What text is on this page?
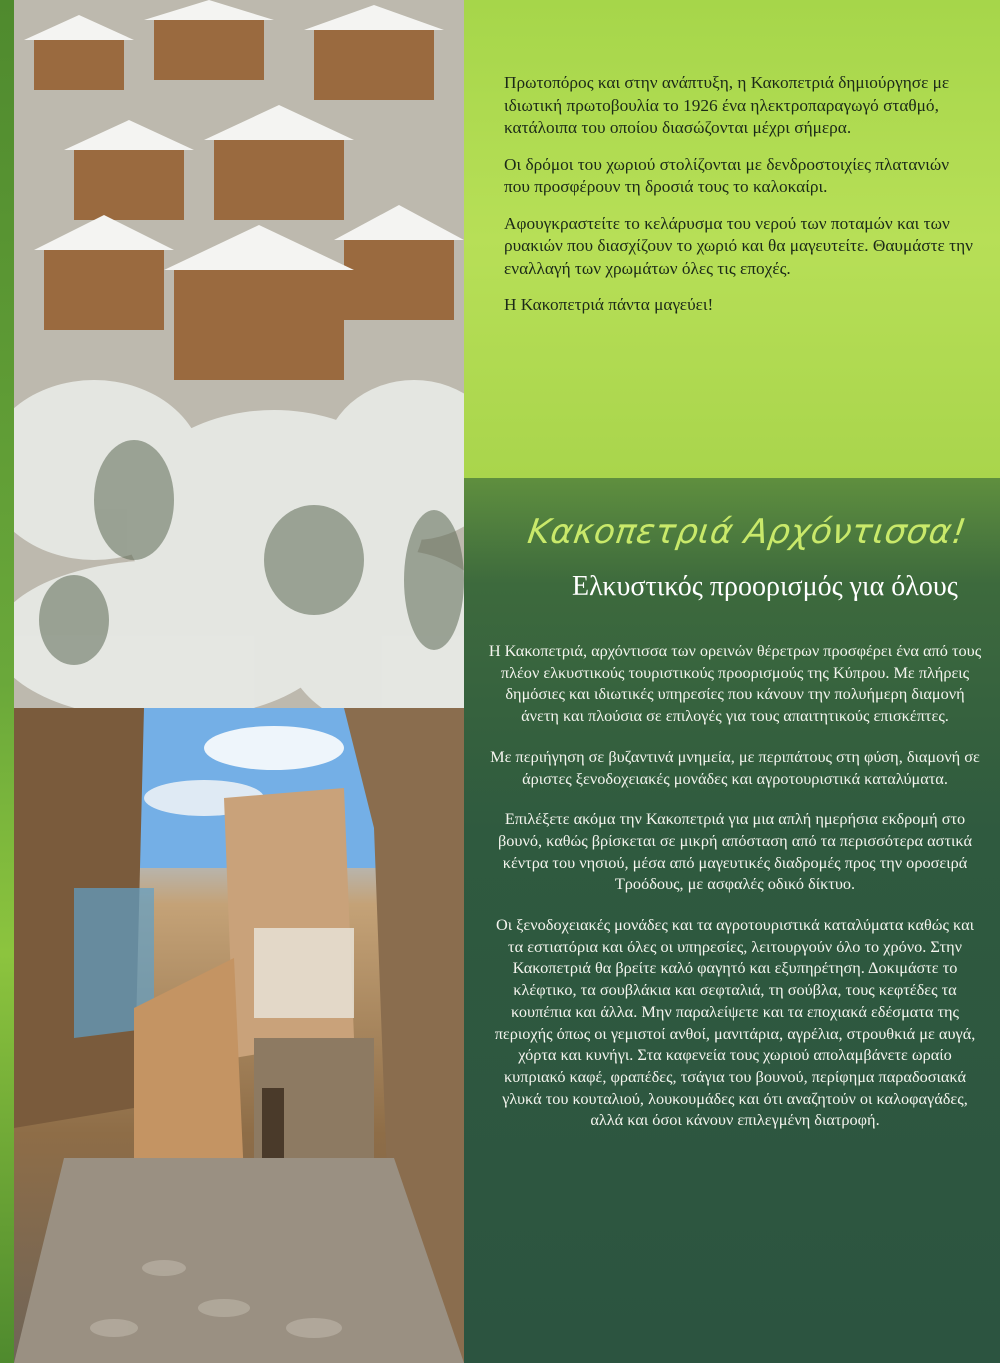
Πρωτοπόρος και στην ανάπτυξη, η Κακοπετριά δημιούργησε με ιδιωτική πρωτοβουλία το 1926 ένα ηλεκτροπαραγωγό σταθμό, κατάλοιπα του οποίου διασώζονται μέχρι σήμερα.

Οι δρόμοι του χωριού στολίζονται με δενδροστοιχίες πλατανιών που προσφέρουν τη δροσιά τους το καλοκαίρι.

Αφουγκραστείτε το κελάρυσμα του νερού των ποταμών και των ρυακιών που διασχίζουν το χωριό και θα μαγευτείτε. Θαυμάστε την εναλλαγή των χρωμάτων όλες τις εποχές.

Η Κακοπετριά πάντα μαγεύει!

Κακοπετριά Αρχόντισσα!
Ελκυστικός προορισμός για όλους

Η Κακοπετριά, αρχόντισσα των ορεινών θέρετρων προσφέρει ένα από τους πλέον ελκυστικούς τουριστικούς προορισμούς της Κύπρου. Με πλήρεις δημόσιες και ιδιωτικές υπηρεσίες που κάνουν την πολυήμερη διαμονή άνετη και πλούσια σε επιλογές για τους απαιτητικούς επισκέπτες.

Με περιήγηση σε βυζαντινά μνημεία, με περιπάτους στη φύση, διαμονή σε άριστες ξενοδοχειακές μονάδες και αγροτουριστικά καταλύματα.

Επιλέξετε ακόμα την Κακοπετριά για μια απλή ημερήσια εκδρομή στο βουνό, καθώς βρίσκεται σε μικρή απόσταση από τα περισσότερα αστικά κέντρα του νησιού, μέσα από μαγευτικές διαδρομές προς την οροσειρά Τροόδους, με ασφαλές οδικό δίκτυο.

Οι ξενοδοχειακές μονάδες και τα αγροτουριστικά καταλύματα καθώς και τα εστιατόρια και όλες οι υπηρεσίες, λειτουργούν όλο το χρόνο. Στην Κακοπετριά θα βρείτε καλό φαγητό και εξυπηρέτηση. Δοκιμάστε το κλέφτικο, τα σουβλάκια και σεφταλιά, τη σούβλα, τους κεφτέδες τα κουπέπια και άλλα. Μην παραλείψετε και τα εποχιακά εδέσματα της περιοχής όπως οι γεμιστοί ανθοί, μανιτάρια, αγρέλια, στρουθκιά με αυγά, χόρτα και κυνήγι. Στα καφενεία τους χωριού απολαμβάνετε ωραίο κυπριακό καφέ, φραπέδες, τσάγια του βουνού, περίφημα παραδοσιακά γλυκά του κουταλιού, λουκουμάδες και ότι αναζητούν οι καλοφαγάδες, αλλά και όσοι κάνουν επιλεγμένη διατροφή.
